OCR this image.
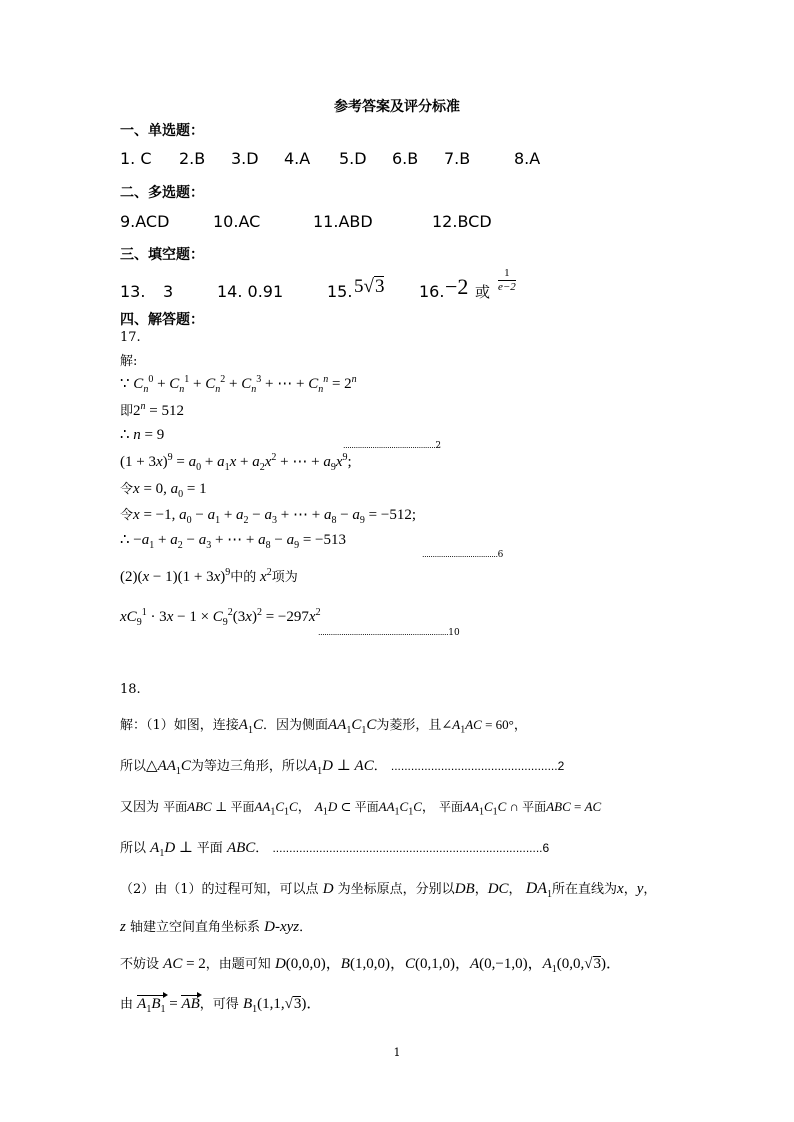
参考答案及评分标准
一、单选题：
1. C 2.B 3.D 4.A 5.D 6.B 7.B	8.A
二、多选题：
9.ACD	10.AC	11.ABD	12.BCD
三、填空题：
13. 3	14. 0.91	15. 5√3 16. −2 或 $\frac{1}{e-2}$
四、解答题：
17.
解:
∵ $C_n^0 + C_n^1 + C_n^2 + C_n^3$ + ⋯ + $C_n^n = 2^n$
即$2^n = 512$
∴ n = 9
............................................2
$(1 + 3x)^9 = a_0 + a_1x + a_2x^2$ + ⋯ + $a_9x^9$;
令x = 0, $a_0 = 1$
令x = −1, $a_0 - a_1 + a_2 - a_3$ + ⋯ + $a_8 - a_9 = -512$;
∴ $-a_1 + a_2 - a_3$ + ⋯ + $a_8 - a_9 = -513$
....................................6
$(2)(x - 1)(1 + 3x)^9$中的 $x^2$项为
$xC_9^1 \cdot 3x - 1 \times C_9^2(3x)^2 = -297x^2$
..............................................................10
18.
解：（1）如图，连接$A_1C$．因为侧面$AA_1C_1C$为菱形，且$\angle A_1AC = 60^\circ$，
所以$\triangle AA_1C$为等边三角形，所以$A_1D$ ⊥ AC． ..................................................2
又因为 平面ABC ⊥ 平面$AA_1C_1C$， $A_1D$ ⊂ 平面$AA_1C_1C$， 平面$AA_1C_1C$ ∩ 平面ABC = AC
所以 $A_1D$ ⊥ 平面 ABC． .................................................................................6
（2）由（1）的过程可知，可以点 D 为坐标原点，分别以DB，DC， $DA_1$所在直线为x，y，
z 轴建立空间直角坐标系 D-xyz．
不妨设 AC = 2，由题可知 D(0,0,0)，B(1,0,0)，C(0,1,0)，A(0,−1,0)，$A_1(0,0,√3)$．
由 $A_1B_1$ = AB，可得 $B_1(1,1,√3)$．
1
